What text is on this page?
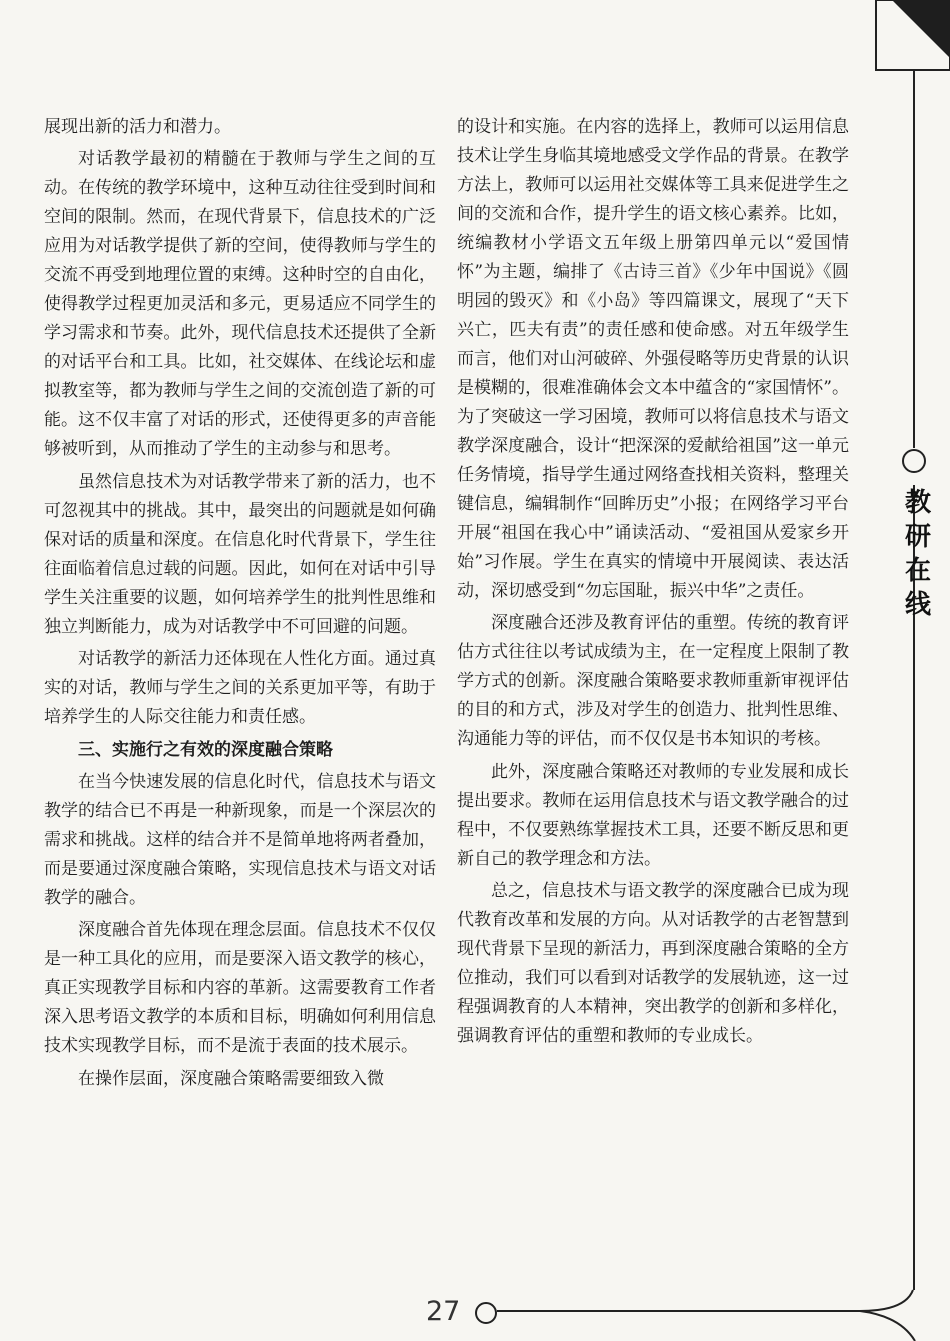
教研在线

展现出新的活力和潜力。

对话教学最初的精髓在于教师与学生之间的互动。在传统的教学环境中，这种互动往往受到时间和空间的限制。然而，在现代背景下，信息技术的广泛应用为对话教学提供了新的空间，使得教师与学生的交流不再受到地理位置的束缚。这种时空的自由化，使得教学过程更加灵活和多元，更易适应不同学生的学习需求和节奏。此外，现代信息技术还提供了全新的对话平台和工具。比如，社交媒体、在线论坛和虚拟教室等，都为教师与学生之间的交流创造了新的可能。这不仅丰富了对话的形式，还使得更多的声音能够被听到，从而推动了学生的主动参与和思考。

虽然信息技术为对话教学带来了新的活力，也不可忽视其中的挑战。其中，最突出的问题就是如何确保对话的质量和深度。在信息化时代背景下，学生往往面临着信息过载的问题。因此，如何在对话中引导学生关注重要的议题，如何培养学生的批判性思维和独立判断能力，成为对话教学中不可回避的问题。

对话教学的新活力还体现在人性化方面。通过真实的对话，教师与学生之间的关系更加平等，有助于培养学生的人际交往能力和责任感。

三、实施行之有效的深度融合策略

在当今快速发展的信息化时代，信息技术与语文教学的结合已不再是一种新现象，而是一个深层次的需求和挑战。这样的结合并不是简单地将两者叠加，而是要通过深度融合策略，实现信息技术与语文对话教学的融合。

深度融合首先体现在理念层面。信息技术不仅仅是一种工具化的应用，而是要深入语文教学的核心，真正实现教学目标和内容的革新。这需要教育工作者深入思考语文教学的本质和目标，明确如何利用信息技术实现教学目标，而不是流于表面的技术展示。

在操作层面，深度融合策略需要细致入微

的设计和实施。在内容的选择上，教师可以运用信息技术让学生身临其境地感受文学作品的背景。在教学方法上，教师可以运用社交媒体等工具来促进学生之间的交流和合作，提升学生的语文核心素养。比如，统编教材小学语文五年级上册第四单元以“爱国情怀”为主题，编排了《古诗三首》《少年中国说》《圆明园的毁灭》和《小岛》等四篇课文，展现了“天下兴亡，匹夫有责”的责任感和使命感。对五年级学生而言，他们对山河破碎、外强侵略等历史背景的认识是模糊的，很难准确体会文本中蕴含的“家国情怀”。为了突破这一学习困境，教师可以将信息技术与语文教学深度融合，设计“把深深的爱献给祖国”这一单元任务情境，指导学生通过网络查找相关资料，整理关键信息，编辑制作“回眸历史”小报；在网络学习平台开展“祖国在我心中”诵读活动、“爱祖国从爱家乡开始”习作展。学生在真实的情境中开展阅读、表达活动，深切感受到“勿忘国耻，振兴中华”之责任。

深度融合还涉及教育评估的重塑。传统的教育评估方式往往以考试成绩为主，在一定程度上限制了教学方式的创新。深度融合策略要求教师重新审视评估的目的和方式，涉及对学生的创造力、批判性思维、沟通能力等的评估，而不仅仅是书本知识的考核。

此外，深度融合策略还对教师的专业发展和成长提出要求。教师在运用信息技术与语文教学融合的过程中，不仅要熟练掌握技术工具，还要不断反思和更新自己的教学理念和方法。

总之，信息技术与语文教学的深度融合已成为现代教育改革和发展的方向。从对话教学的古老智慧到现代背景下呈现的新活力，再到深度融合策略的全方位推动，我们可以看到对话教学的发展轨迹，这一过程强调教育的人本精神，突出教学的创新和多样化，强调教育评估的重塑和教师的专业成长。

27
